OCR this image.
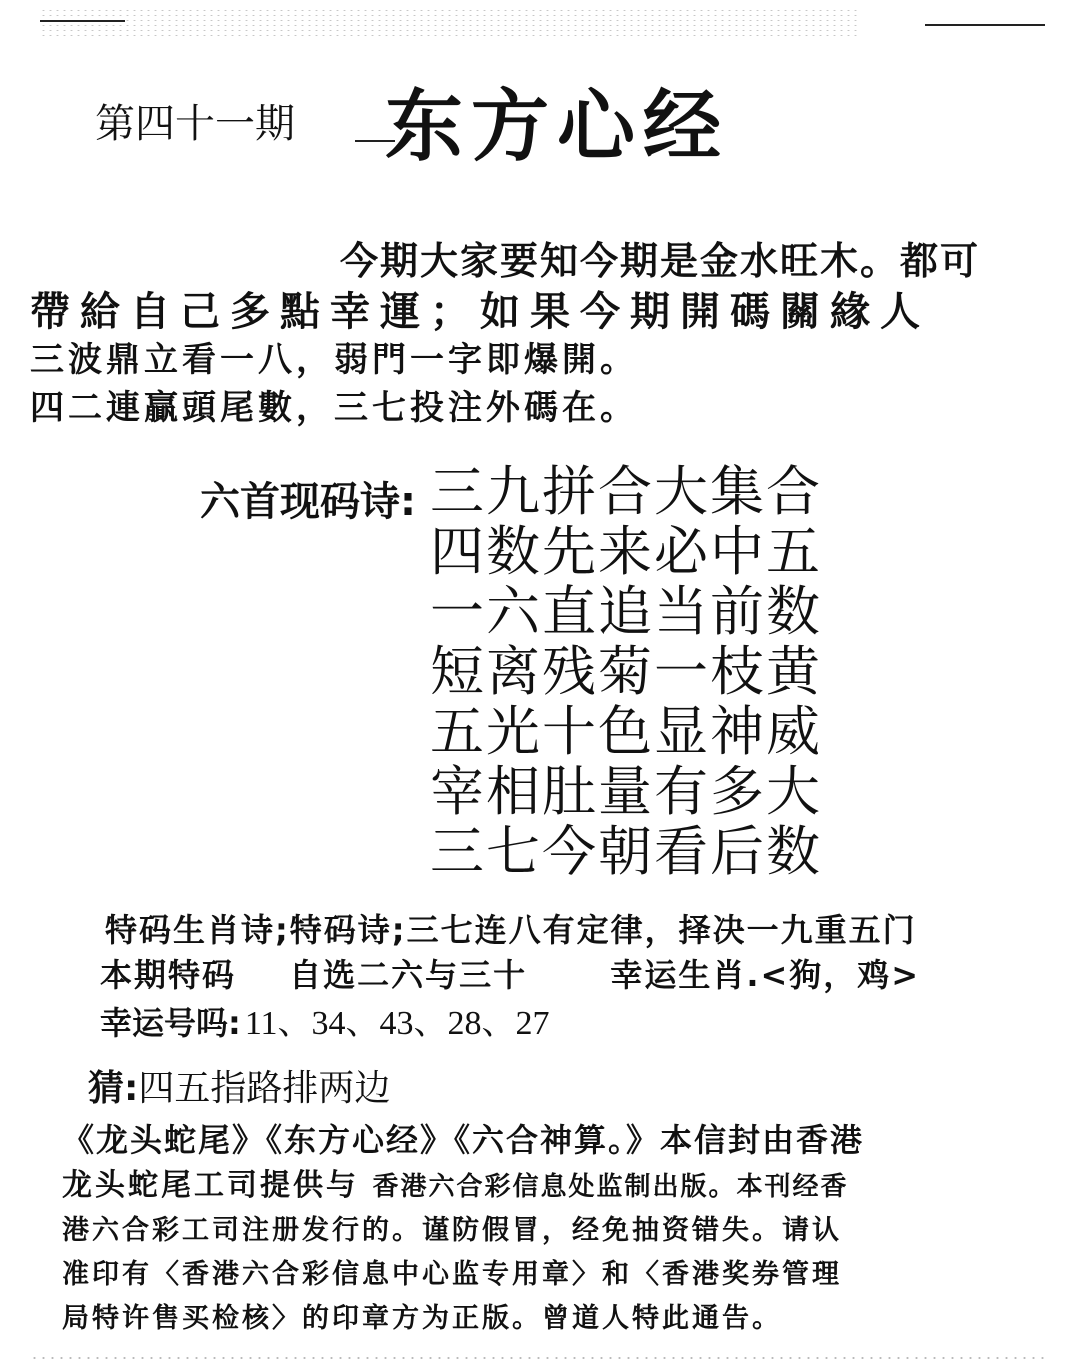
第四十一期 东方心经
今期大家要知今期是金水旺木。都可
帶給自己多點幸運；如果今期開碼關緣人
三波鼎立看一八，弱門一字即爆開。
四二連贏頭尾數，三七投注外碼在。
六首现码诗: 三九拼合大集合
四数先来必中五
一六直追当前数
短离残菊一枝黄
五光十色显神威
宰相肚量有多大
三七今朝看后数
特码生肖诗;特码诗;三七连八有定律，择决一九重五门
本期特码 自选二六与三十	幸运生肖.<狗，鸡>
幸运号吗: 11、34、43、28、27
猜:四五指路排两边
《龙头蛇尾》《东方心经》《六合神算。》本信封由香港
龙头蛇尾工司提供与 香港六合彩信息处监制出版。本刊经香
港六合彩工司注册发行的。谨防假冒，经免抽资错失。请认
准印有〈香港六合彩信息中心监专用章〉和〈香港奖券管理
局特许售买检核〉的印章方为正版。曾道人特此通告。
